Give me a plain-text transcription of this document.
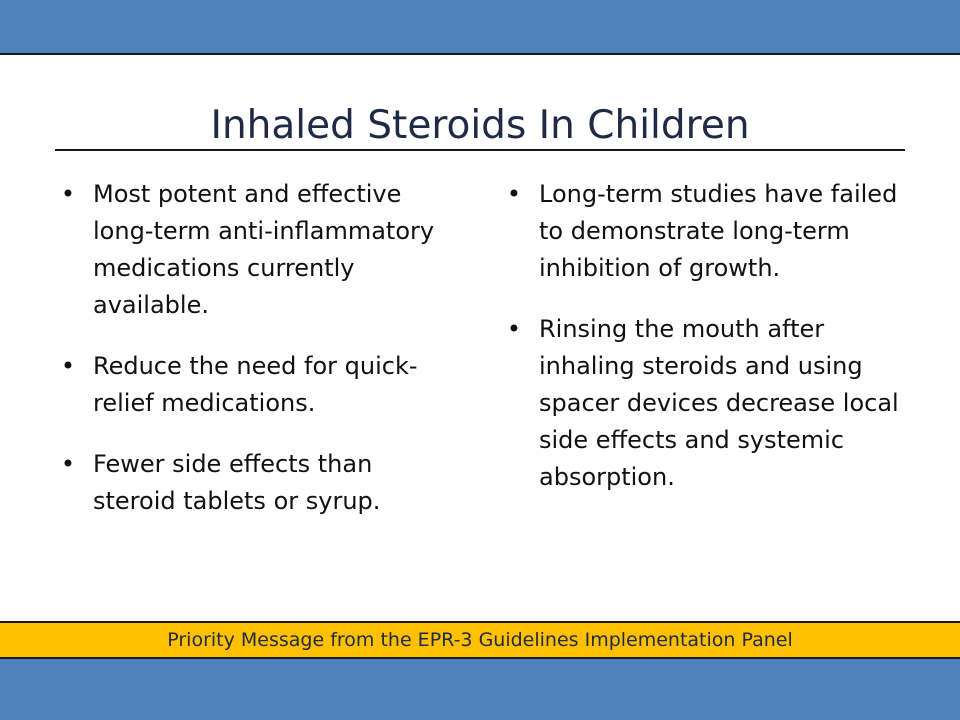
Inhaled Steroids In Children
• Most potent and effective long-term anti-inflammatory medications currently available.
• Reduce the need for quick-relief medications.
• Fewer side effects than steroid tablets or syrup.
• Long-term studies have failed to demonstrate long-term inhibition of growth.
• Rinsing the mouth after inhaling steroids and using spacer devices decrease local side effects and systemic absorption.
Priority Message from the EPR-3 Guidelines Implementation Panel
